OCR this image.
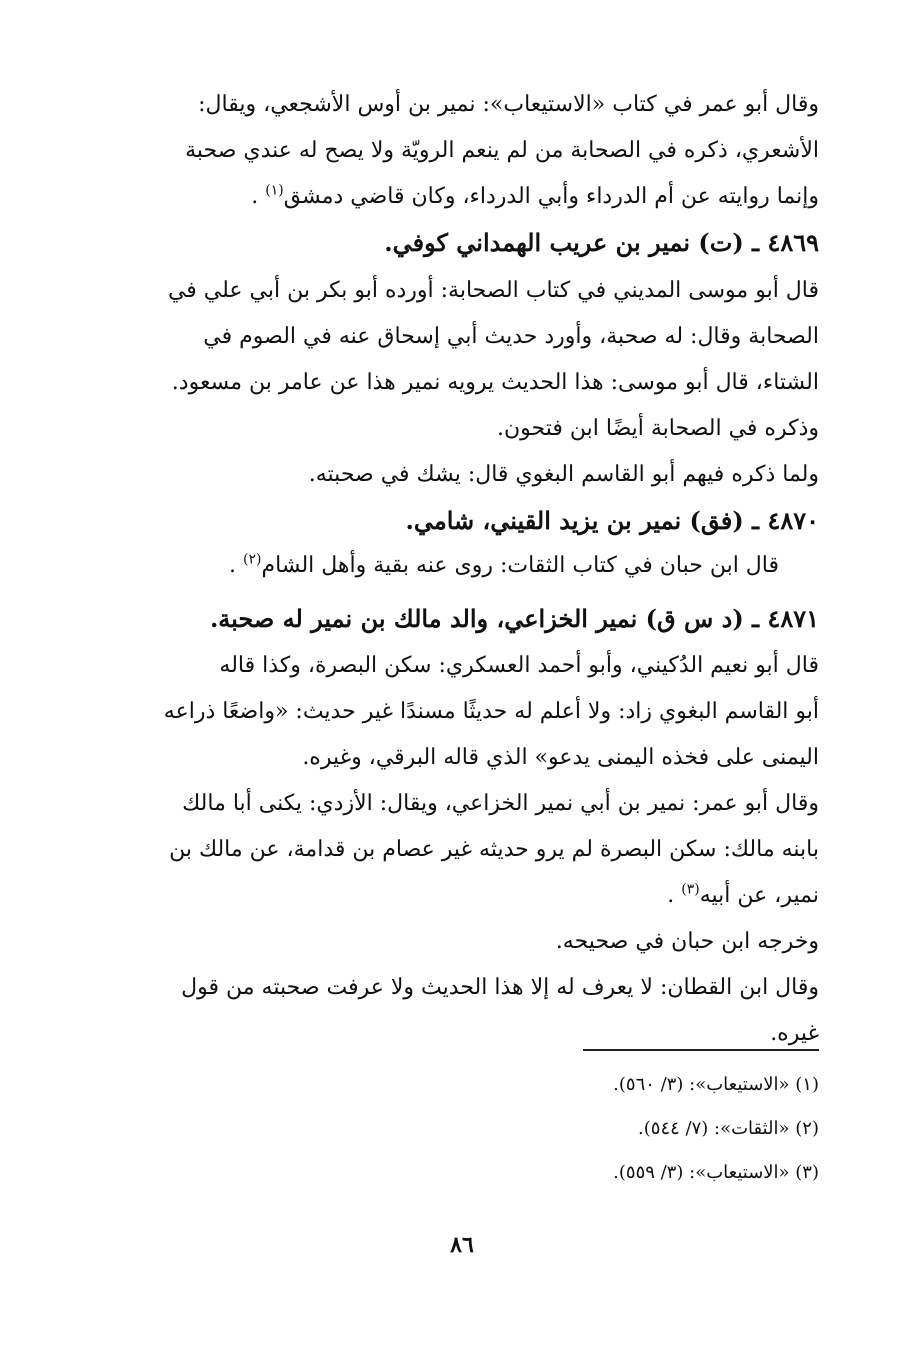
وقال أبو عمر في كتاب «الاستيعاب»: نمير بن أوس الأشجعي، ويقال:

الأشعري، ذكره في الصحابة من لم ينعم الرويّة ولا يصح له عندي صحبة

وإنما روايته عن أم الدرداء وأبي الدرداء، وكان قاضي دمشق$^{(١)}$ .

٤٨٦٩ ـ (ت) نمير بن عريب الهمداني كوفي.

قال أبو موسى المديني في كتاب الصحابة: أورده أبو بكر بن أبي علي في

الصحابة وقال: له صحبة، وأورد حديث أبي إسحاق عنه في الصوم في

الشتاء، قال أبو موسى: هذا الحديث يرويه نمير هذا عن عامر بن مسعود.

وذكره في الصحابة أيضًا ابن فتحون.

ولما ذكره فيهم أبو القاسم البغوي قال: يشك في صحبته.

٤٨٧٠ ـ (فق) نمير بن يزيد القيني، شامي.

قال ابن حبان في كتاب الثقات: روى عنه بقية وأهل الشام$^{(٢)}$ .

٤٨٧١ ـ (د س ق) نمير الخزاعي، والد مالك بن نمير له صحبة.

قال أبو نعيم الدُكيني، وأبو أحمد العسكري: سكن البصرة، وكذا قاله

أبو القاسم البغوي زاد: ولا أعلم له حديثًا مسندًا غير حديث: «واضعًا ذراعه

اليمنى على فخذه اليمنى يدعو» الذي قاله البرقي، وغيره.

وقال أبو عمر: نمير بن أبي نمير الخزاعي، ويقال: الأزدي: يكنى أبا مالك

بابنه مالك: سكن البصرة لم يرو حديثه غير عصام بن قدامة، عن مالك بن

نمير، عن أبيه$^{(٣)}$ .

وخرجه ابن حبان في صحيحه.

وقال ابن القطان: لا يعرف له إلا هذا الحديث ولا عرفت صحبته من قول

غيره.

(١) «الاستيعاب»: (٣/ ٥٦٠).

(٢) «الثقات»: (٧/ ٥٤٤).

(٣) «الاستيعاب»: (٣/ ٥٥٩).

٨٦
